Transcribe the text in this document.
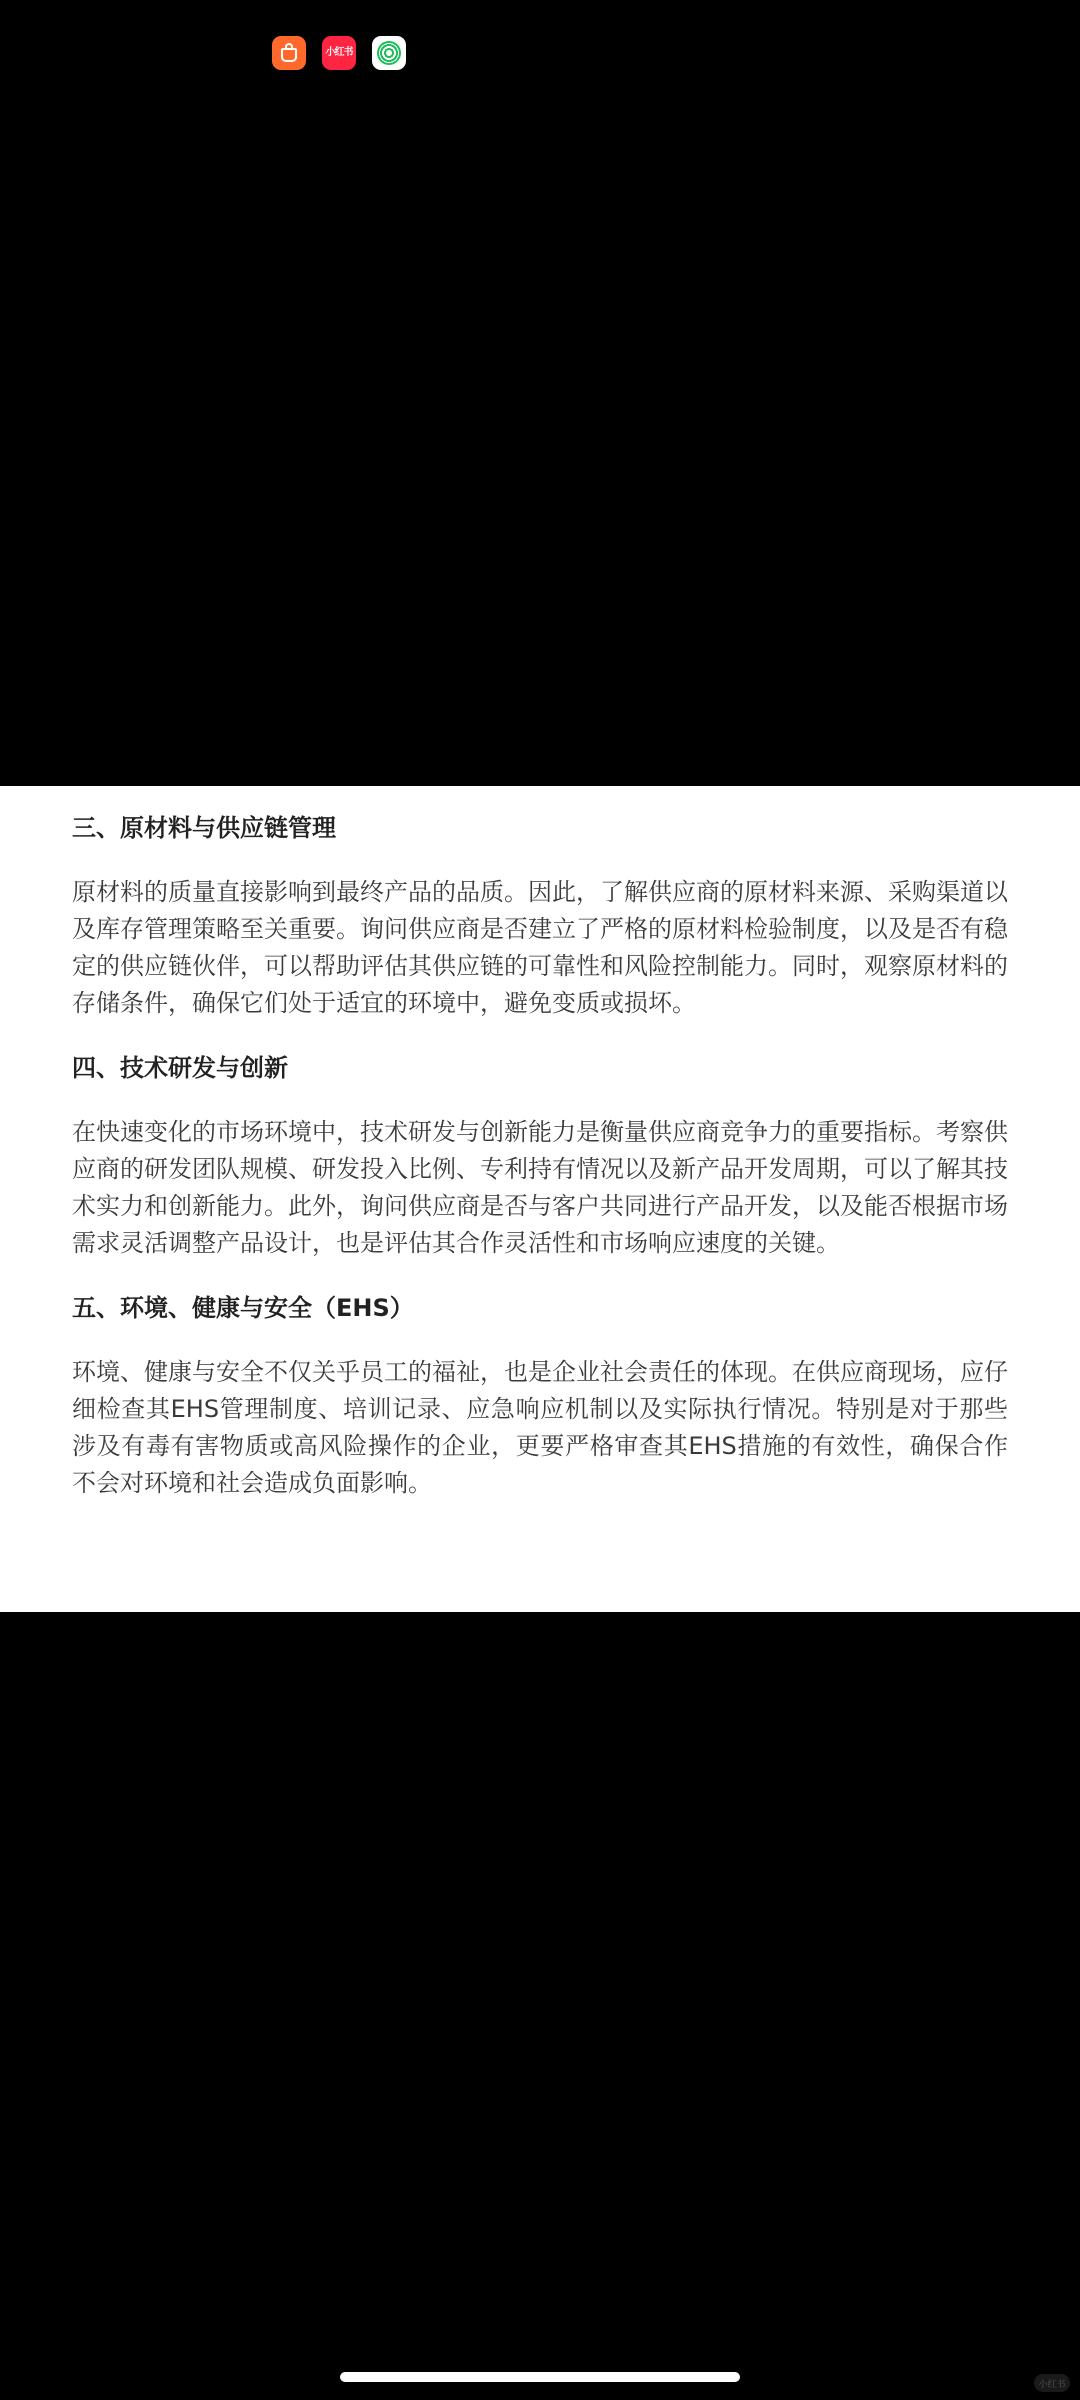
小红书
三、原材料与供应链管理

原材料的质量直接影响到最终产品的品质。因此，了解供应商的原材料来源、采购渠道以及库存管理策略至关重要。询问供应商是否建立了严格的原材料检验制度，以及是否有稳定的供应链伙伴，可以帮助评估其供应链的可靠性和风险控制能力。同时，观察原材料的存储条件，确保它们处于适宜的环境中，避免变质或损坏。

四、技术研发与创新

在快速变化的市场环境中，技术研发与创新能力是衡量供应商竞争力的重要指标。考察供应商的研发团队规模、研发投入比例、专利持有情况以及新产品开发周期，可以了解其技术实力和创新能力。此外，询问供应商是否与客户共同进行产品开发，以及能否根据市场需求灵活调整产品设计，也是评估其合作灵活性和市场响应速度的关键。

五、环境、健康与安全（EHS）

环境、健康与安全不仅关乎员工的福祉，也是企业社会责任的体现。在供应商现场，应仔细检查其EHS管理制度、培训记录、应急响应机制以及实际执行情况。特别是对于那些涉及有毒有害物质或高风险操作的企业，更要严格审查其EHS措施的有效性，确保合作不会对环境和社会造成负面影响。

小红书
